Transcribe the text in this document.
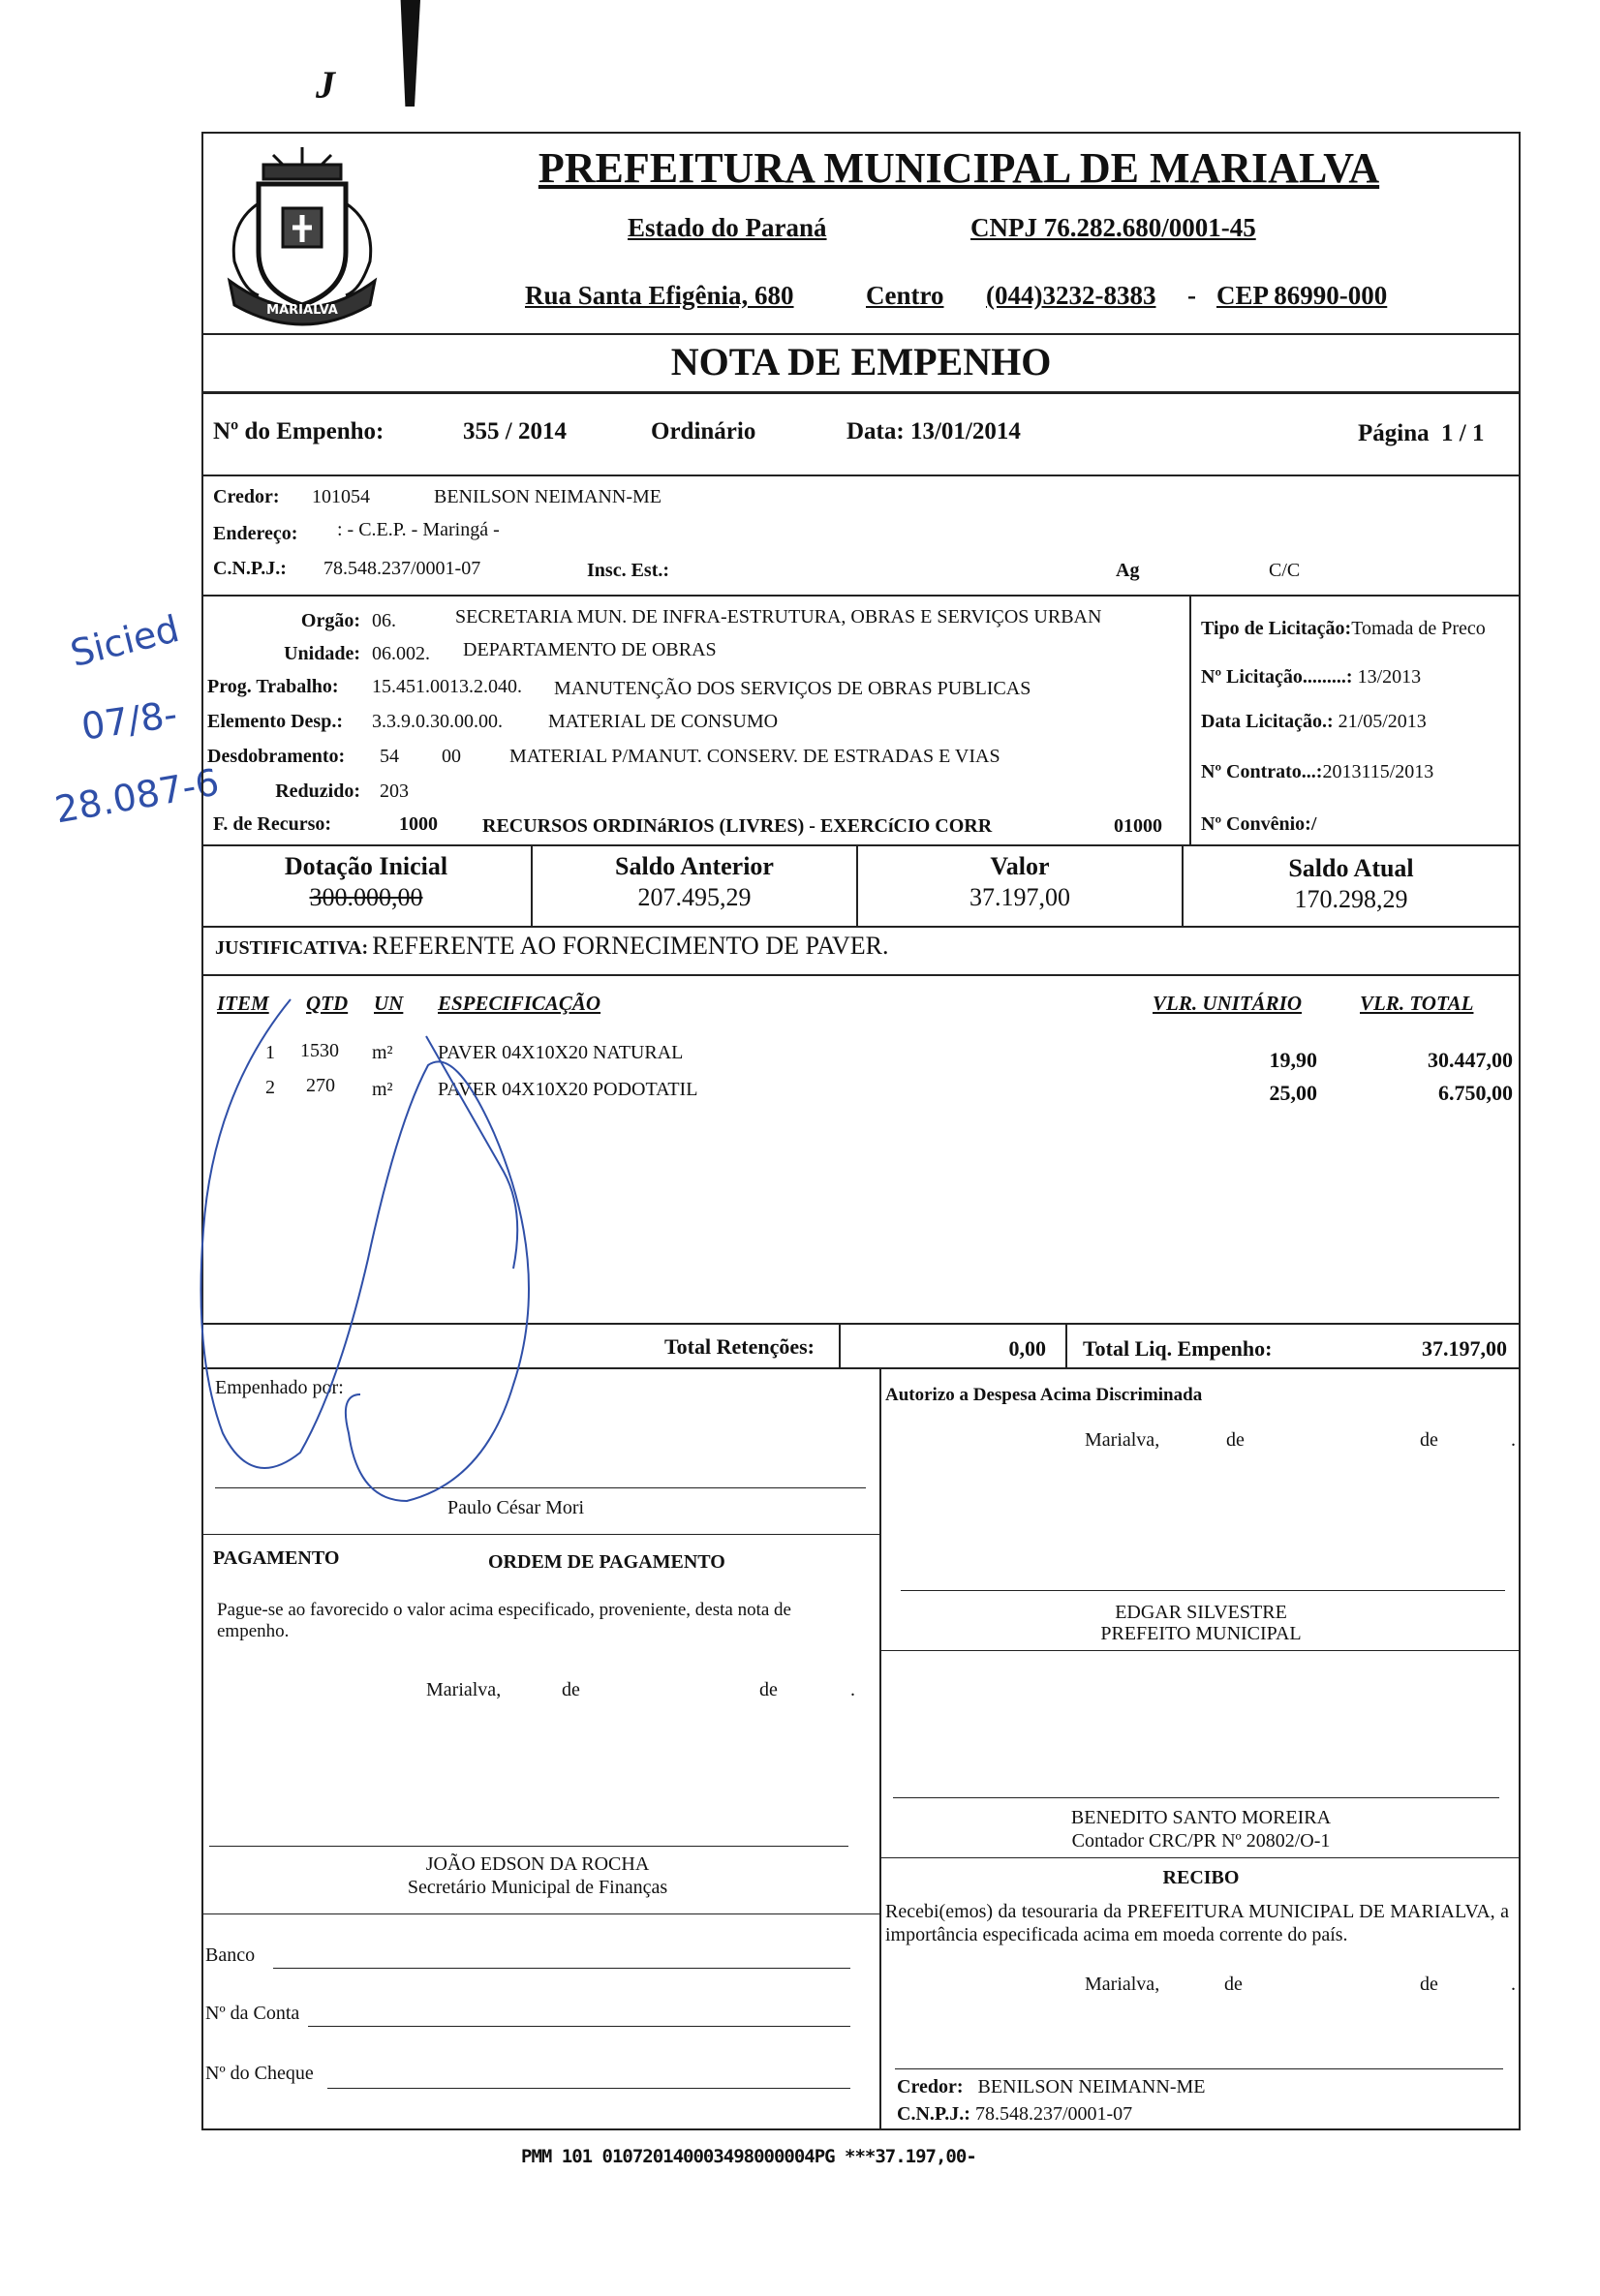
J
Sicied
07/8-
28.087-6
MARIALVA
PREFEITURA MUNICIPAL DE MARIALVA
Estado do Paraná	CNPJ 76.282.680/0001-45
Rua Santa Efigênia, 680	Centro (044)3232-8383 - CEP 86990-000
NOTA DE EMPENHO
Nº do Empenho:	355 / 2014	Ordinário	Data: 13/01/2014	Página 1 / 1
Credor: 101054	BENILSON NEIMANN-ME
Endereço: : - C.E.P. - Maringá -
C.N.P.J.: 78.548.237/0001-07	Insc. Est.:	Ag	C/C
Orgão: 06.	SECRETARIA MUN. DE INFRA-ESTRUTURA, OBRAS E SERVIÇOS URBAN
Unidade: 06.002. DEPARTAMENTO DE OBRAS
Prog. Trabalho: 15.451.0013.2.040. MANUTENÇÃO DOS SERVIÇOS DE OBRAS PUBLICAS
Elemento Desp.: 3.3.9.0.30.00.00. MATERIAL DE CONSUMO
Desdobramento: 54 00	MATERIAL P/MANUT. CONSERV. DE ESTRADAS E VIAS
Reduzido: 203
F. de Recurso:	1000 RECURSOS ORDINáRIOS (LIVRES) - EXERCíCIO CORR	01000
Tipo de Licitação:Tomada de Preco
Nº Licitação.........: 13/2013
Data Licitação.: 21/05/2013
Nº Contrato...:2013115/2013
Nº Convênio:/
Dotação Inicial
300.000,00
Saldo Anterior
207.495,29
Valor
37.197,00
Saldo Atual
170.298,29
JUSTIFICATIVA: REFERENTE AO FORNECIMENTO DE PAVER.
ITEM QTD UN ESPECIFICAÇÃO	VLR. UNITÁRIO	VLR. TOTAL
1 1530 m² PAVER 04X10X20 NATURAL	19,90	30.447,00
2 270 m² PAVER 04X10X20 PODOTATIL	25,00	6.750,00
Total Retenções:	0,00 Total Liq. Empenho:	37.197,00
Empenhado por:
Paulo César Mori
Autorizo a Despesa Acima Discriminada
Marialva,	de	de	.
EDGAR SILVESTRE
PREFEITO MUNICIPAL
PAGAMENTO	ORDEM DE PAGAMENTO
Pague-se ao favorecido o valor acima especificado, proveniente, desta nota de empenho.
Marialva,	de	de	.
JOÃO EDSON DA ROCHA
Secretário Municipal de Finanças
BENEDITO SANTO MOREIRA
Contador CRC/PR Nº 20802/O-1
RECIBO
Recebi(emos) da tesouraria da PREFEITURA MUNICIPAL DE MARIALVA, a importância especificada acima em moeda corrente do país.
Marialva,	de	de	.
Credor: BENILSON NEIMANN-ME
C.N.P.J.: 78.548.237/0001-07
Banco
Nº da Conta
Nº do Cheque
PMM 101 010720140003498000004PG ***37.197,00-
